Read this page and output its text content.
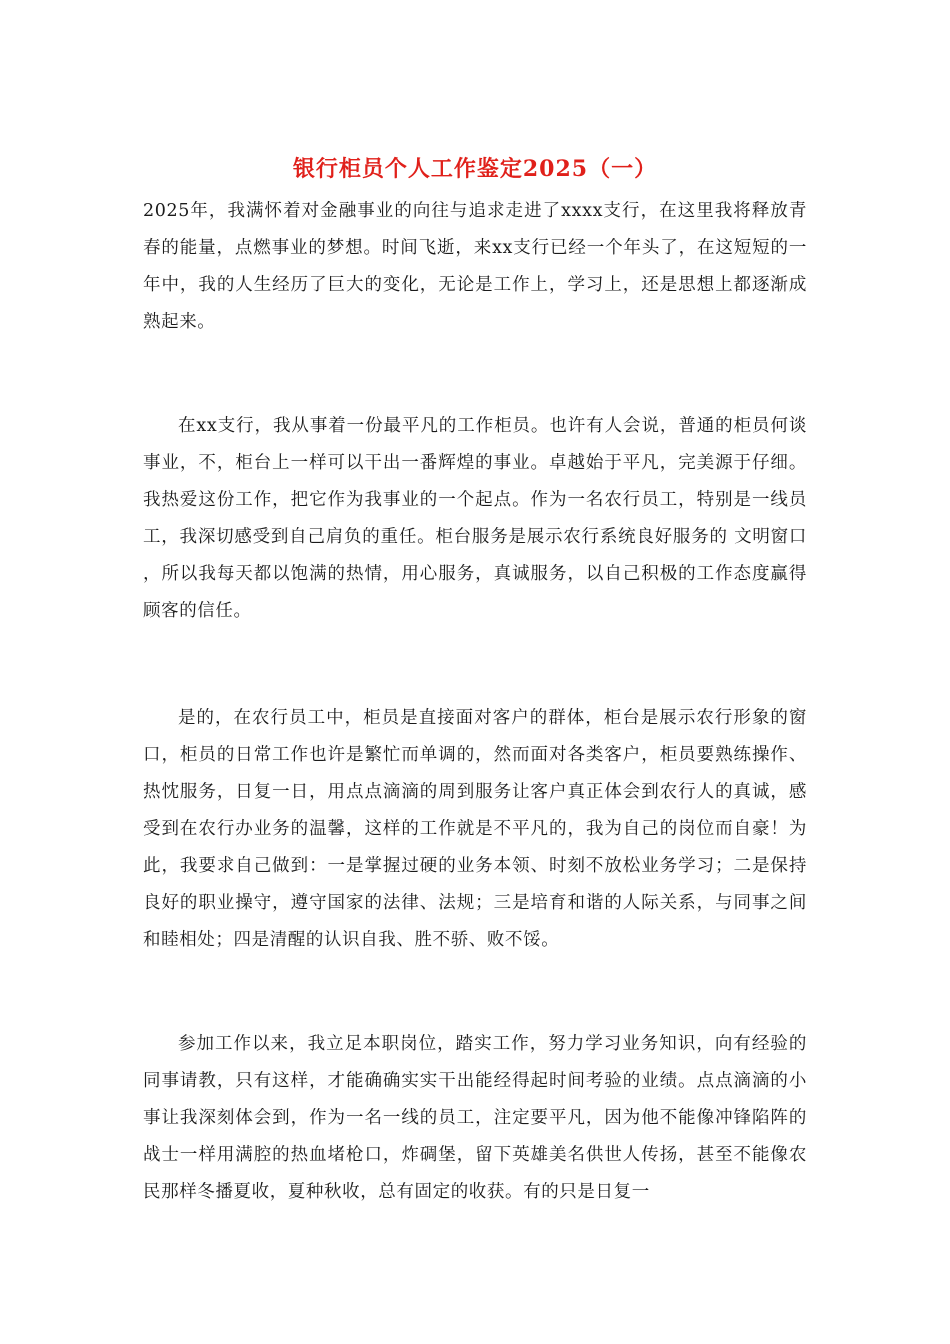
银行柜员个人工作鉴定2025（一）

2025年，我满怀着对金融事业的向往与追求走进了xxxx支行，在这里我将释放青春的能量，点燃事业的梦想。时间飞逝，来xx支行已经一个年头了，在这短短的一年中，我的人生经历了巨大的变化，无论是工作上，学习上，还是思想上都逐渐成熟起来。

在xx支行，我从事着一份最平凡的工作柜员。也许有人会说，普通的柜员何谈事业，不，柜台上一样可以干出一番辉煌的事业。卓越始于平凡，完美源于仔细。我热爱这份工作，把它作为我事业的一个起点。作为一名农行员工，特别是一线员工，我深切感受到自己肩负的重任。柜台服务是展示农行系统良好服务的 文明窗口 ，所以我每天都以饱满的热情，用心服务，真诚服务，以自己积极的工作态度赢得顾客的信任。

是的，在农行员工中，柜员是直接面对客户的群体，柜台是展示农行形象的窗口，柜员的日常工作也许是繁忙而单调的，然而面对各类客户，柜员要熟练操作、热忱服务，日复一日，用点点滴滴的周到服务让客户真正体会到农行人的真诚，感受到在农行办业务的温馨，这样的工作就是不平凡的，我为自己的岗位而自豪！为此，我要求自己做到：一是掌握过硬的业务本领、时刻不放松业务学习；二是保持良好的职业操守，遵守国家的法律、法规；三是培育和谐的人际关系，与同事之间和睦相处；四是清醒的认识自我、胜不骄、败不馁。

参加工作以来，我立足本职岗位，踏实工作，努力学习业务知识，向有经验的同事请教，只有这样，才能确确实实干出能经得起时间考验的业绩。点点滴滴的小事让我深刻体会到，作为一名一线的员工，注定要平凡，因为他不能像冲锋陷阵的战士一样用满腔的热血堵枪口，炸碉堡，留下英雄美名供世人传扬，甚至不能像农民那样冬播夏收，夏种秋收，总有固定的收获。有的只是日复一
